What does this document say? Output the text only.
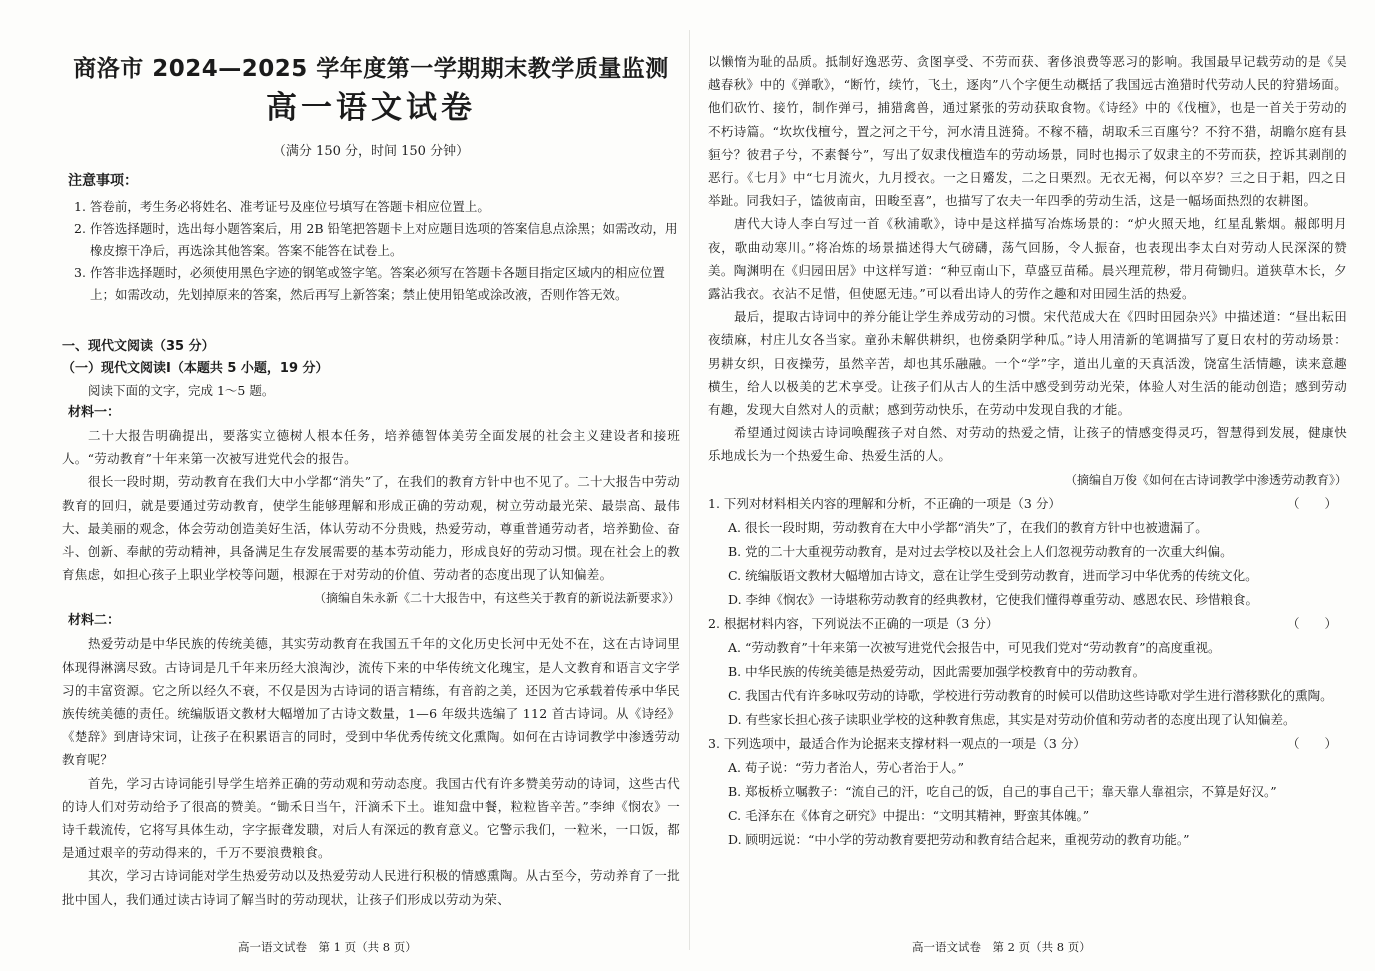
商洛市 2024—2025 学年度第一学期期末教学质量监测
高一语文试卷
（满分 150 分，时间 150 分钟）
注意事项：

1. 答卷前，考生务必将姓名、准考证号及座位号填写在答题卡相应位置上。

2. 作答选择题时，选出每小题答案后，用 2B 铅笔把答题卡上对应题目选项的答案信息点涂黑；如需改动，用橡皮擦干净后，再选涂其他答案。答案不能答在试卷上。

3. 作答非选择题时，必须使用黑色字迹的钢笔或签字笔。答案必须写在答题卡各题目指定区域内的相应位置上；如需改动，先划掉原来的答案，然后再写上新答案；禁止使用铅笔或涂改液，否则作答无效。

一、现代文阅读（35 分）
（一）现代文阅读Ⅰ（本题共 5 小题，19 分）

阅读下面的文字，完成 1～5 题。

材料一：

二十大报告明确提出，要落实立德树人根本任务，培养德智体美劳全面发展的社会主义建设者和接班人。“劳动教育”十年来第一次被写进党代会的报告。

很长一段时期，劳动教育在我们大中小学都“消失”了，在我们的教育方针中也不见了。二十大报告中劳动教育的回归，就是要通过劳动教育，使学生能够理解和形成正确的劳动观，树立劳动最光荣、最崇高、最伟大、最美丽的观念，体会劳动创造美好生活，体认劳动不分贵贱，热爱劳动，尊重普通劳动者，培养勤俭、奋斗、创新、奉献的劳动精神，具备满足生存发展需要的基本劳动能力，形成良好的劳动习惯。现在社会上的教育焦虑，如担心孩子上职业学校等问题，根源在于对劳动的价值、劳动者的态度出现了认知偏差。

（摘编自朱永新《二十大报告中，有这些关于教育的新说法新要求》）

材料二：

热爱劳动是中华民族的传统美德，其实劳动教育在我国五千年的文化历史长河中无处不在，这在古诗词里体现得淋漓尽致。古诗词是几千年来历经大浪淘沙，流传下来的中华传统文化瑰宝，是人文教育和语言文字学习的丰富资源。它之所以经久不衰，不仅是因为古诗词的语言精练，有音韵之美，还因为它承载着传承中华民族传统美德的责任。统编版语文教材大幅增加了古诗文数量，1—6 年级共选编了 112 首古诗词。从《诗经》《楚辞》到唐诗宋词，让孩子在积累语言的同时，受到中华优秀传统文化熏陶。如何在古诗词教学中渗透劳动教育呢？

首先，学习古诗词能引导学生培养正确的劳动观和劳动态度。我国古代有许多赞美劳动的诗词，这些古代的诗人们对劳动给予了很高的赞美。“锄禾日当午，汗滴禾下土。谁知盘中餐，粒粒皆辛苦。”李绅《悯农》一诗千载流传，它将写具体生动，字字振聋发聩，对后人有深远的教育意义。它警示我们，一粒米，一口饭，都是通过艰辛的劳动得来的，千万不要浪费粮食。

其次，学习古诗词能对学生热爱劳动以及热爱劳动人民进行积极的情感熏陶。从古至今，劳动养育了一批批中国人，我们通过读古诗词了解当时的劳动现状，让孩子们形成以劳动为荣、

高一语文试卷　第 1 页（共 8 页）

以懒惰为耻的品质。抵制好逸恶劳、贪图享受、不劳而获、奢侈浪费等恶习的影响。我国最早记载劳动的是《吴越春秋》中的《弹歌》，“断竹，续竹，飞土，逐肉”八个字便生动概括了我国远古渔猎时代劳动人民的狩猎场面。他们砍竹、接竹，制作弹弓，捕猎禽兽，通过紧张的劳动获取食物。《诗经》中的《伐檀》，也是一首关于劳动的不朽诗篇。“坎坎伐檀兮，置之河之干兮，河水清且涟猗。不稼不穑，胡取禾三百廛兮？不狩不猎，胡瞻尔庭有县貆兮？彼君子兮，不素餐兮”，写出了奴隶伐檀造车的劳动场景，同时也揭示了奴隶主的不劳而获，控诉其剥削的恶行。《七月》中“七月流火，九月授衣。一之日觱发，二之日栗烈。无衣无褐，何以卒岁？三之日于耜，四之日举趾。同我妇子，馌彼南亩，田畯至喜”，也描写了农夫一年四季的劳动生活，这是一幅场面热烈的农耕图。

唐代大诗人李白写过一首《秋浦歌》，诗中是这样描写冶炼场景的：“炉火照天地，红星乱紫烟。赧郎明月夜，歌曲动寒川。”将冶炼的场景描述得大气磅礴，荡气回肠，令人振奋，也表现出李太白对劳动人民深深的赞美。陶渊明在《归园田居》中这样写道：“种豆南山下，草盛豆苗稀。晨兴理荒秽，带月荷锄归。道狭草木长，夕露沾我衣。衣沾不足惜，但使愿无违。”可以看出诗人的劳作之趣和对田园生活的热爱。

最后，提取古诗词中的养分能让学生养成劳动的习惯。宋代范成大在《四时田园杂兴》中描述道：“昼出耘田夜绩麻，村庄儿女各当家。童孙未解供耕织，也傍桑阴学种瓜。”诗人用清新的笔调描写了夏日农村的劳动场景：男耕女织，日夜操劳，虽然辛苦，却也其乐融融。一个“学”字，道出儿童的天真活泼，饶富生活情趣，读来意趣横生，给人以极美的艺术享受。让孩子们从古人的生活中感受到劳动光荣，体验人对生活的能动创造；感到劳动有趣，发现大自然对人的贡献；感到劳动快乐，在劳动中发现自我的才能。

希望通过阅读古诗词唤醒孩子对自然、对劳动的热爱之情，让孩子的情感变得灵巧，智慧得到发展，健康快乐地成长为一个热爱生命、热爱生活的人。

（摘编自万俊《如何在古诗词教学中渗透劳动教育》）

1. 下列对材料相关内容的理解和分析，不正确的一项是（3 分）	（　　）

A. 很长一段时期，劳动教育在大中小学都“消失”了，在我们的教育方针中也被遗漏了。

B. 党的二十大重视劳动教育，是对过去学校以及社会上人们忽视劳动教育的一次重大纠偏。

C. 统编版语文教材大幅增加古诗文，意在让学生受到劳动教育，进而学习中华优秀的传统文化。

D. 李绅《悯农》一诗堪称劳动教育的经典教材，它使我们懂得尊重劳动、感恩农民、珍惜粮食。

2. 根据材料内容，下列说法不正确的一项是（3 分）	（　　）

A. “劳动教育”十年来第一次被写进党代会报告中，可见我们党对“劳动教育”的高度重视。

B. 中华民族的传统美德是热爱劳动，因此需要加强学校教育中的劳动教育。

C. 我国古代有许多咏叹劳动的诗歌，学校进行劳动教育的时候可以借助这些诗歌对学生进行潜移默化的熏陶。

D. 有些家长担心孩子读职业学校的这种教育焦虑，其实是对劳动价值和劳动者的态度出现了认知偏差。

3. 下列选项中，最适合作为论据来支撑材料一观点的一项是（3 分）	（　　）

A. 荀子说：“劳力者治人，劳心者治于人。”

B. 郑板桥立嘱教子：“流自己的汗，吃自己的饭，自己的事自己干；靠天靠人靠祖宗，不算是好汉。”

C. 毛泽东在《体育之研究》中提出：“文明其精神，野蛮其体魄。”

D. 顾明远说：“中小学的劳动教育要把劳动和教育结合起来，重视劳动的教育功能。”

高一语文试卷　第 2 页（共 8 页）
